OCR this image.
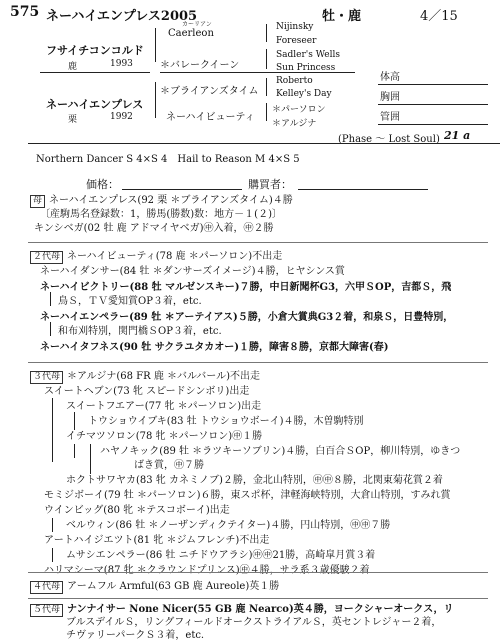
575 ネーハイエンプレス2005	牡・鹿	4／15
フサイチコンコルド
鹿	1993
ネーハイエンプレス
栗	1992
カーリアン
Caerleon
＊バレークイーン
＊ブライアンズタイム
ネーハイビューティ
Nijinsky
Foreseer
Sadler's Wells
Sun Princess
Roberto
Kelley's Day
＊パーソロン
＊アルジナ
(Phase ～ Lost Soul) 21 a
体高
胸囲
管囲
Northern Dancer S 4×S 4　Hail to Reason M 4×S 5
価格：	購買者：
母 ネーハイエンプレス(92 栗 ＊ブライアンズタイム)４勝
〔産駒馬名登録数：1，勝馬(勝数)数：地方－１(２)〕
キンシベガ(02 牡 鹿 アドマイヤベガ)㊥入着，㊥２勝
２代母 ネーハイビューティ(78 鹿 ＊パーソロン)不出走
ネーハイダンサー(84 牡 ＊ダンサーズイメージ)４勝，ヒヤシンス賞
ネーハイビクトリー(88 牡 マルゼンスキー)７勝，中日新聞杯G3，六甲ＳOP，吉都Ｓ，飛
鳥Ｓ，ＴＶ愛知賞OP３着，etc.
ネーハイエンペラー(89 牡 ＊アーテイアス)５勝，小倉大賞典G3２着，和泉Ｓ，日豊特別，
和布刈特別，関門橋ＳOP３着，etc.
ネーハイタフネス(90 牡 サクラユタカオー)１勝，障害８勝，京都大障害(春)
３代母 ＊アルジナ(68 FR 鹿 ＊バルバール)不出走
スイートヘブン(73 牝 スピードシンボリ)出走
スイートフエアー(77 牝 ＊パーソロン)出走
トウショウイブキ(83 牡 トウショウボーイ)４勝，木曽駒特別
イチマツソロン(78 牝 ＊パーソロン)㊥１勝
ハヤノキック(89 牡 ＊ラツキーソブリン)４勝，白百合ＳOP，柳川特別，ゆきつ
ばき賞，㊥７勝
ホクトサワヤカ(83 牝 カネミノブ)２勝，金北山特別，㊥㊥８勝，北関東菊花賞２着
モミジボーイ(79 牡 ＊パーソロン)６勝，東スポ杯，津軽海峡特別，大倉山特別，すみれ賞
ウインビッグ(80 牝 ＊テスコボーイ)出走
ベルウィン(86 牡 ＊ノーザンディクテイター)４勝，円山特別，㊥㊥７勝
アートハイジエツト(81 牝 ＊ジムフレンチ)不出走
ムサシエンペラー(86 牡 ニチドウアラシ)㊥㊥21勝，高崎皐月賞３着
ハリマシーマ(87 牝 ＊クラウンドプリンス)㊥４勝，サラ系３歳優駿２着
４代母 アームフル Armful(63 GB 鹿 Aureole)英１勝
５代母 ナンナイサー None Nicer(55 GB 鹿 Nearco)英４勝，ヨークシャーオークス，リ
ブルスデイルＳ，リングフィールドオークストライアルＳ，英セントレジャー２着，
チヴァリーパークＳ３着，etc.
